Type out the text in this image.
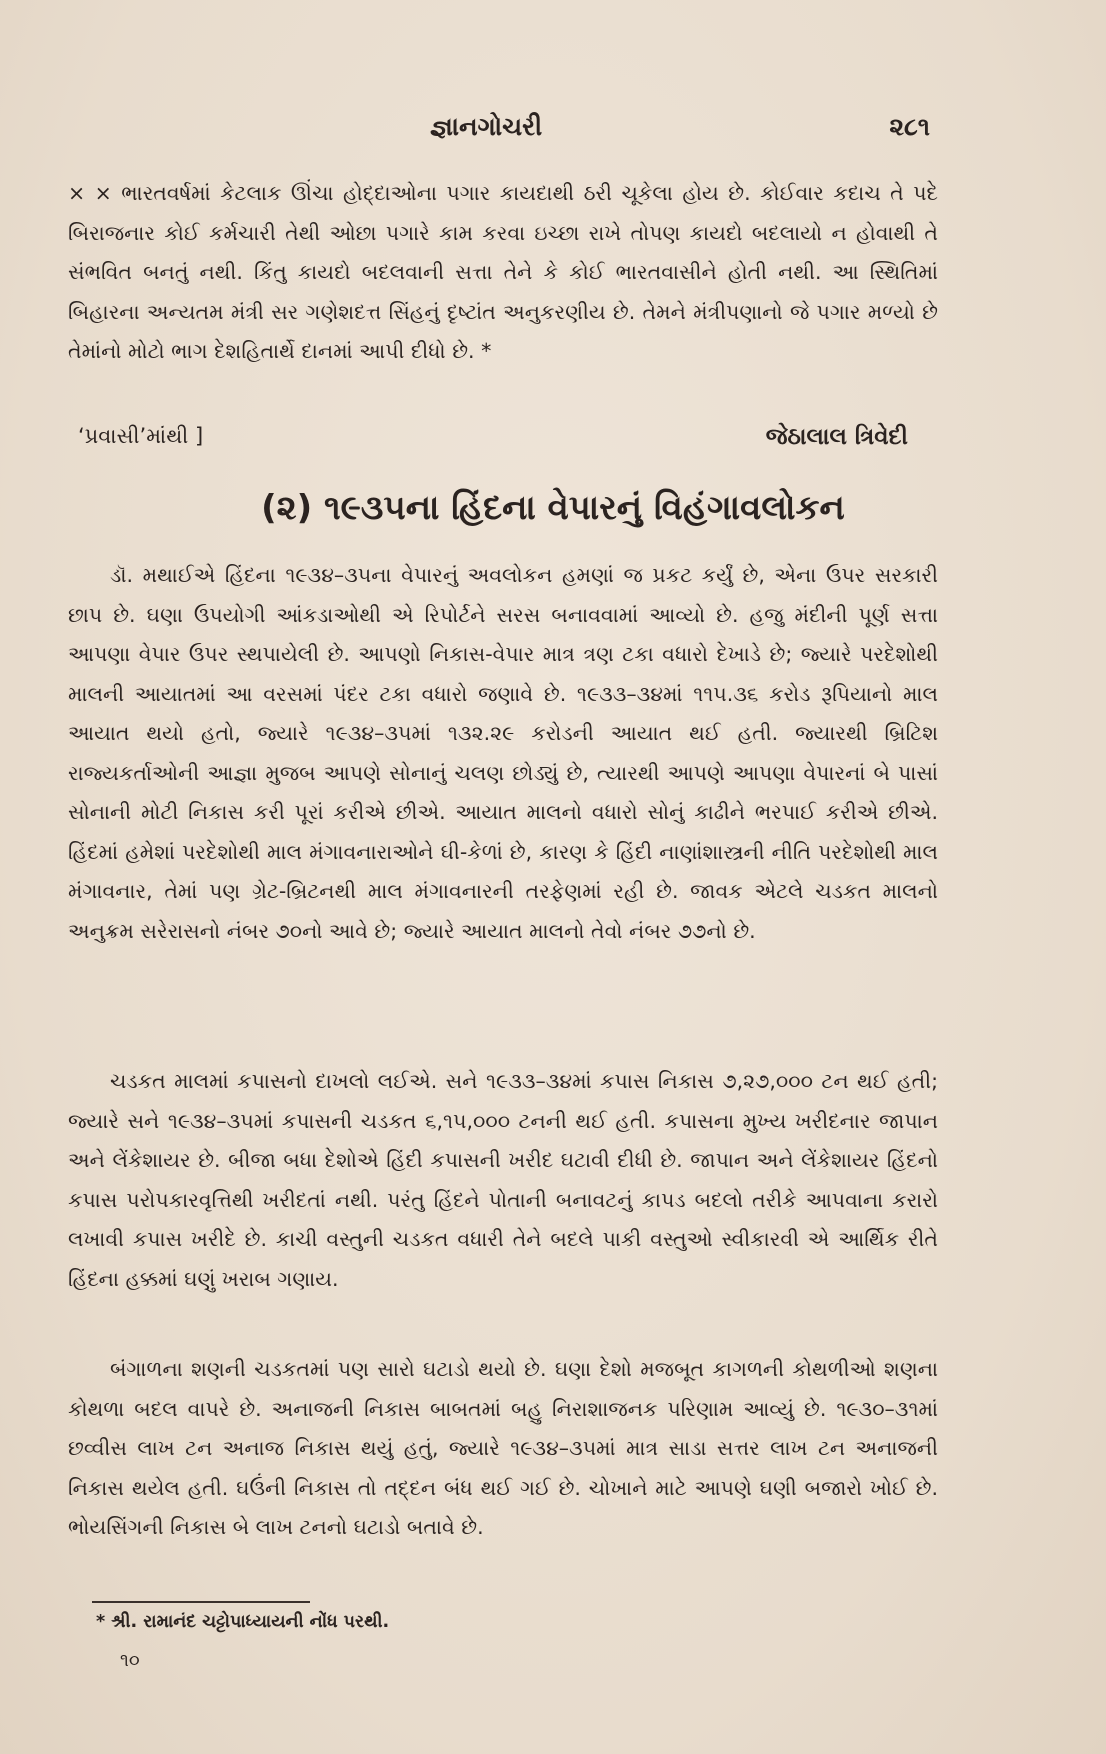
જ્ઞાનગોચરી	૨૮૧

× × ભારતવર્ષમાં કેટલાક ઊંચા હોદ્દાઓના પગાર કાયદાથી ઠરી ચૂકેલા હોય છે. કોઈવાર કદાચ તે પદે બિરાજનાર કોઈ કર્મચારી તેથી ઓછા પગારે કામ કરવા ઇચ્છા રાખે તોપણ કાયદો બદલાયો ન હોવાથી તે સંભવિત બનતું નથી. કિંતુ કાયદો બદલવાની સત્તા તેને કે કોઈ ભારતવાસીને હોતી નથી. આ સ્થિતિમાં બિહારના અન્યતમ મંત્રી સર ગણેશદત્ત સિંહનું દૃષ્ટાંત અનુકરણીય છે. તેમને મંત્રીપણાનો જે પગાર મળ્યો છે તેમાંનો મોટો ભાગ દેશહિતાર્થે દાનમાં આપી દીધો છે. *

‘પ્રવાસી’માંથી ]	જેઠાલાલ ત્રિવેદી
(૨) ૧૯૩૫ના હિંદના વેપારનું વિહંગાવલોકન

ડૉ. મથાઈએ હિંદના ૧૯૩૪–૩૫ના વેપારનું અવલોકન હમણાં જ પ્રકટ કર્યું છે, એના ઉપર સરકારી છાપ છે. ઘણા ઉપયોગી આંકડાઓથી એ રિપોર્ટને સરસ બનાવવામાં આવ્યો છે. હજુ મંદીની પૂર્ણ સત્તા આપણા વેપાર ઉપર સ્થપાયેલી છે. આપણો નિકાસ-વેપાર માત્ર ત્રણ ટકા વધારો દેખાડે છે; જ્યારે પરદેશોથી માલની આયાતમાં આ વરસમાં પંદર ટકા વધારો જણાવે છે. ૧૯૩૩–૩૪માં ૧૧૫.૩૬ કરોડ રૂપિયાનો માલ આયાત થયો હતો, જ્યારે ૧૯૩૪–૩૫માં ૧૩૨.૨૯ કરોડની આયાત થઈ હતી. જ્યારથી બ્રિટિશ રાજ્યકર્તાઓની આજ્ઞા મુજબ આપણે સોનાનું ચલણ છોડ્યું છે, ત્યારથી આપણે આપણા વેપારનાં બે પાસાં સોનાની મોટી નિકાસ કરી પૂરાં કરીએ છીએ. આયાત માલનો વધારો સોનું કાઢીને ભરપાઈ કરીએ છીએ. હિંદમાં હમેશાં પરદેશોથી માલ મંગાવનારાઓને ઘી-કેળાં છે, કારણ કે હિંદી નાણાંશાસ્ત્રની નીતિ પરદેશોથી માલ મંગાવનાર, તેમાં પણ ગ્રેટ-બ્રિટનથી માલ મંગાવનારની તરફેણમાં રહી છે. જાવક એટલે ચડકત માલનો અનુક્રમ સરેરાસનો નંબર ૭૦નો આવે છે; જ્યારે આયાત માલનો તેવો નંબર ૭૭નો છે.

ચડકત માલમાં કપાસનો દાખલો લઈએ. સને ૧૯૩૩–૩૪માં કપાસ નિકાસ ૭,૨૭,૦૦૦ ટન થઈ હતી; જ્યારે સને ૧૯૩૪–૩૫માં કપાસની ચડકત ૬,૧૫,૦૦૦ ટનની થઈ હતી. કપાસના મુખ્ય ખરીદનાર જાપાન અને લેંકેશાયર છે. બીજા બધા દેશોએ હિંદી કપાસની ખરીદ ઘટાવી દીધી છે. જાપાન અને લેંકેશાયર હિંદનો કપાસ પરોપકારવૃત્તિથી ખરીદતાં નથી. પરંતુ હિંદને પોતાની બનાવટનું કાપડ બદલો તરીકે આપવાના કરારો લખાવી કપાસ ખરીદે છે. કાચી વસ્તુની ચડકત વધારી તેને બદલે પાકી વસ્તુઓ સ્વીકારવી એ આર્થિક રીતે હિંદના હક્કમાં ઘણું ખરાબ ગણાય.

બંગાળના શણની ચડકતમાં પણ સારો ઘટાડો થયો છે. ઘણા દેશો મજબૂત કાગળની કોથળીઓ શણના કોથળા બદલ વાપરે છે. અનાજની નિકાસ બાબતમાં બહુ નિરાશાજનક પરિણામ આવ્યું છે. ૧૯૩૦–૩૧માં છવ્વીસ લાખ ટન અનાજ નિકાસ થયું હતું, જ્યારે ૧૯૩૪–૩૫માં માત્ર સાડા સત્તર લાખ ટન અનાજની નિકાસ થયેલ હતી. ઘઉંની નિકાસ તો તદ્દન બંધ થઈ ગઈ છે. ચોખાને માટે આપણે ઘણી બજારો ખોઈ છે. ભોયસિંગની નિકાસ બે લાખ ટનનો ઘટાડો બતાવે છે.

* શ્રી. રામાનંદ ચટ્ટોપાધ્યાયની નોંધ પરથી.
૧૦
